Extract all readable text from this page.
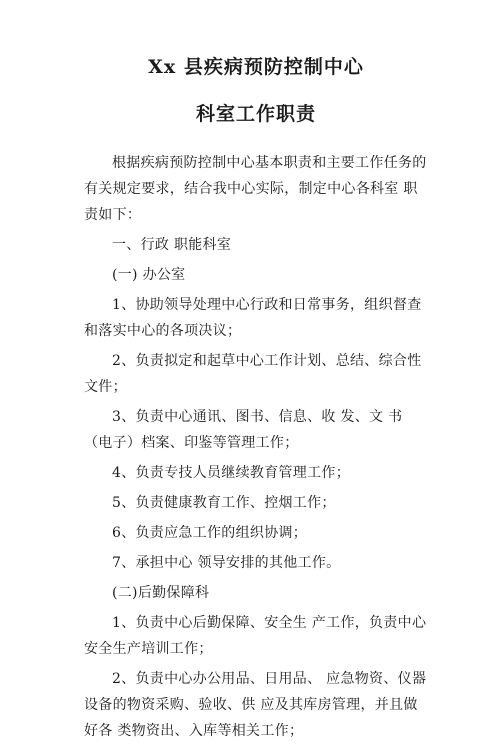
Xx 县疾病预防控制中心
科室工作职责

根据疾病预防控制中心基本职责和主要工作任务的有关规定要求，结合我中心实际，制定中心各科室 职责如下：

一、行政 职能科室

(一) 办公室

1、协助领导处理中心行政和日常事务，组织督查和落实中心的各项决议；

2、负责拟定和起草中心工作计划、总结、综合性文件；

3、负责中心通讯、图书、信息、收 发、文 书（电子）档案、印鉴等管理工作；

4、负责专技人员继续教育管理工作；

5、负责健康教育工作、控烟工作；

6、负责应急工作的组织协调；

7、承担中心 领导安排的其他工作。

(二)后勤保障科

1、负责中心后勤保障、安全生 产工作，负责中心安全生产培训工作；

2、负责中心办公用品、日用品、 应急物资、仪器设备的物资采购、验收、供 应及其库房管理，并且做好各 类物资出、入库等相关工作；
